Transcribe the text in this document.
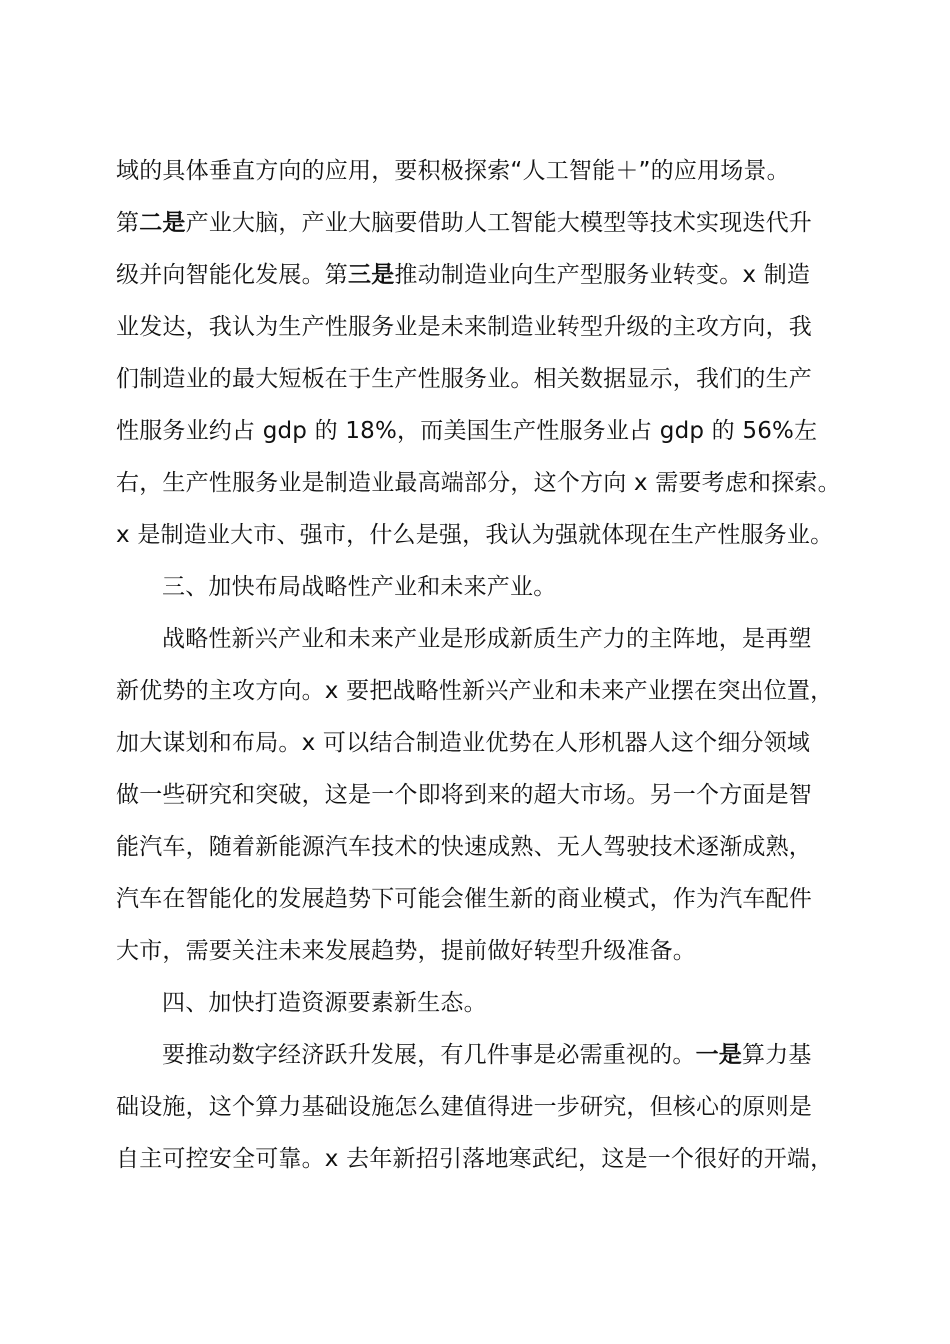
域的具体垂直方向的应用，要积极探索“人工智能＋”的应用场景。
第二是产业大脑，产业大脑要借助人工智能大模型等技术实现迭代升
级并向智能化发展。第三是推动制造业向生产型服务业转变。x 制造
业发达，我认为生产性服务业是未来制造业转型升级的主攻方向，我
们制造业的最大短板在于生产性服务业。相关数据显示，我们的生产
性服务业约占 gdp 的 18%，而美国生产性服务业占 gdp 的 56%左
右，生产性服务业是制造业最高端部分，这个方向 x 需要考虑和探索。
x 是制造业大市、强市，什么是强，我认为强就体现在生产性服务业。
三、加快布局战略性产业和未来产业。
战略性新兴产业和未来产业是形成新质生产力的主阵地，是再塑
新优势的主攻方向。x 要把战略性新兴产业和未来产业摆在突出位置，
加大谋划和布局。x 可以结合制造业优势在人形机器人这个细分领域
做一些研究和突破，这是一个即将到来的超大市场。另一个方面是智
能汽车，随着新能源汽车技术的快速成熟、无人驾驶技术逐渐成熟，
汽车在智能化的发展趋势下可能会催生新的商业模式，作为汽车配件
大市，需要关注未来发展趋势，提前做好转型升级准备。
四、加快打造资源要素新生态。
要推动数字经济跃升发展，有几件事是必需重视的。一是算力基
础设施，这个算力基础设施怎么建值得进一步研究，但核心的原则是
自主可控安全可靠。x 去年新招引落地寒武纪，这是一个很好的开端，
